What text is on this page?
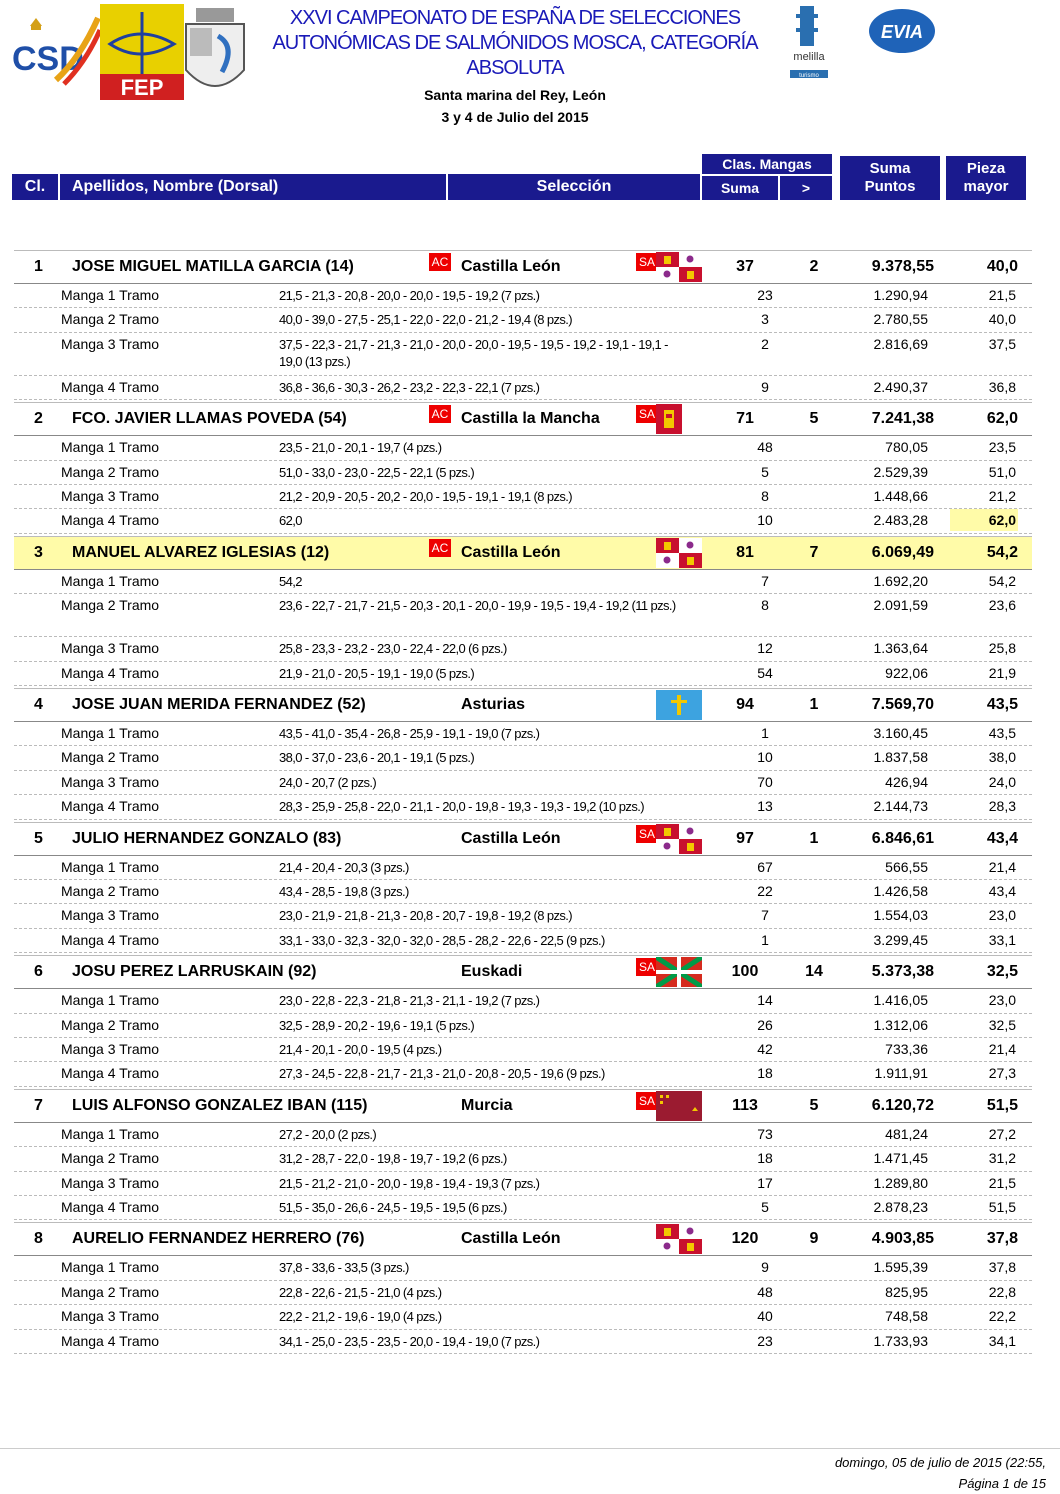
CSD
FEP
XXVI CAMPEONATO DE ESPAÑA DE SELECCIONES
AUTONÓMICAS DE SALMÓNIDOS MOSCA, CATEGORÍA
ABSOLUTA
Santa marina del Rey, León
3 y 4 de Julio del 2015
melilla
turismo
EVIA
Cl.	Apellidos, Nombre (Dorsal)	Selección
Clas. Mangas
Suma	>
Suma
Puntos
Pieza
mayor
1 JOSE MIGUEL MATILLA GARCIA (14)	AC Castilla León	SA	37	2	9.378,55	40,0
Manga 1 Tramo	21,5 - 21,3 - 20,8 - 20,0 - 20,0 - 19,5 - 19,2 (7 pzs.)	23	1.290,94	21,5
Manga 2 Tramo	40,0 - 39,0 - 27,5 - 25,1 - 22,0 - 22,0 - 21,2 - 19,4 (8 pzs.)	3	2.780,55	40,0
Manga 3 Tramo	37,5 - 22,3 - 21,7 - 21,3 - 21,0 - 20,0 - 20,0 - 19,5 - 19,5 - 19,2 - 19,1 - 19,1 - 19,0 (13 pzs.)
2	2.816,69	37,5
Manga 4 Tramo	36,8 - 36,6 - 30,3 - 26,2 - 23,2 - 22,3 - 22,1 (7 pzs.)	9	2.490,37	36,8
2 FCO. JAVIER LLAMAS POVEDA (54)	AC Castilla la Mancha	SA	71	5	7.241,38	62,0
Manga 1 Tramo	23,5 - 21,0 - 20,1 - 19,7 (4 pzs.)	48	780,05	23,5
Manga 2 Tramo	51,0 - 33,0 - 23,0 - 22,5 - 22,1 (5 pzs.)	5	2.529,39	51,0
Manga 3 Tramo	21,2 - 20,9 - 20,5 - 20,2 - 20,0 - 19,5 - 19,1 - 19,1 (8 pzs.)	8	1.448,66	21,2
Manga 4 Tramo	62,0	10	2.483,28	62,0
3 MANUEL ALVAREZ IGLESIAS (12)	AC Castilla León	81	7	6.069,49	54,2
Manga 1 Tramo	54,2	7	1.692,20	54,2
Manga 2 Tramo	23,6 - 22,7 - 21,7 - 21,5 - 20,3 - 20,1 - 20,0 - 19,9 - 19,5 - 19,4 - 19,2 (11 pzs.)	8	2.091,59	23,6
Manga 3 Tramo	25,8 - 23,3 - 23,2 - 23,0 - 22,4 - 22,0 (6 pzs.)	12	1.363,64	25,8
Manga 4 Tramo	21,9 - 21,0 - 20,5 - 19,1 - 19,0 (5 pzs.)	54	922,06	21,9
4 JOSE JUAN MERIDA FERNANDEZ (52)	Asturias	94	1	7.569,70	43,5
Manga 1 Tramo	43,5 - 41,0 - 35,4 - 26,8 - 25,9 - 19,1 - 19,0 (7 pzs.)	1	3.160,45	43,5
Manga 2 Tramo	38,0 - 37,0 - 23,6 - 20,1 - 19,1 (5 pzs.)	10	1.837,58	38,0
Manga 3 Tramo	24,0 - 20,7 (2 pzs.)	70	426,94	24,0
Manga 4 Tramo	28,3 - 25,9 - 25,8 - 22,0 - 21,1 - 20,0 - 19,8 - 19,3 - 19,3 - 19,2 (10 pzs.)	13	2.144,73	28,3
5 JULIO HERNANDEZ GONZALO (83)	Castilla León	SA	97	1	6.846,61	43,4
Manga 1 Tramo	21,4 - 20,4 - 20,3 (3 pzs.)	67	566,55	21,4
Manga 2 Tramo	43,4 - 28,5 - 19,8 (3 pzs.)	22	1.426,58	43,4
Manga 3 Tramo	23,0 - 21,9 - 21,8 - 21,3 - 20,8 - 20,7 - 19,8 - 19,2 (8 pzs.)	7	1.554,03	23,0
Manga 4 Tramo	33,1 - 33,0 - 32,3 - 32,0 - 32,0 - 28,5 - 28,2 - 22,6 - 22,5 (9 pzs.)	1	3.299,45	33,1
6 JOSU PEREZ LARRUSKAIN (92)	Euskadi	SA	100	14	5.373,38	32,5
Manga 1 Tramo	23,0 - 22,8 - 22,3 - 21,8 - 21,3 - 21,1 - 19,2 (7 pzs.)	14	1.416,05	23,0
Manga 2 Tramo	32,5 - 28,9 - 20,2 - 19,6 - 19,1 (5 pzs.)	26	1.312,06	32,5
Manga 3 Tramo	21,4 - 20,1 - 20,0 - 19,5 (4 pzs.)	42	733,36	21,4
Manga 4 Tramo	27,3 - 24,5 - 22,8 - 21,7 - 21,3 - 21,0 - 20,8 - 20,5 - 19,6 (9 pzs.)	18	1.911,91	27,3
7 LUIS ALFONSO GONZALEZ IBAN (115)	Murcia	SA	113	5	6.120,72	51,5
Manga 1 Tramo	27,2 - 20,0 (2 pzs.)	73	481,24	27,2
Manga 2 Tramo	31,2 - 28,7 - 22,0 - 19,8 - 19,7 - 19,2 (6 pzs.)	18	1.471,45	31,2
Manga 3 Tramo	21,5 - 21,2 - 21,0 - 20,0 - 19,8 - 19,4 - 19,3 (7 pzs.)	17	1.289,80	21,5
Manga 4 Tramo	51,5 - 35,0 - 26,6 - 24,5 - 19,5 - 19,5 (6 pzs.)	5	2.878,23	51,5
8 AURELIO FERNANDEZ HERRERO (76)	Castilla León	120	9	4.903,85	37,8
Manga 1 Tramo	37,8 - 33,6 - 33,5 (3 pzs.)	9	1.595,39	37,8
Manga 2 Tramo	22,8 - 22,6 - 21,5 - 21,0 (4 pzs.)	48	825,95	22,8
Manga 3 Tramo	22,2 - 21,2 - 19,6 - 19,0 (4 pzs.)	40	748,58	22,2
Manga 4 Tramo	34,1 - 25,0 - 23,5 - 23,5 - 20,0 - 19,4 - 19,0 (7 pzs.)	23	1.733,93	34,1
domingo, 05 de julio de 2015 (22:55,
Página 1 de 15
